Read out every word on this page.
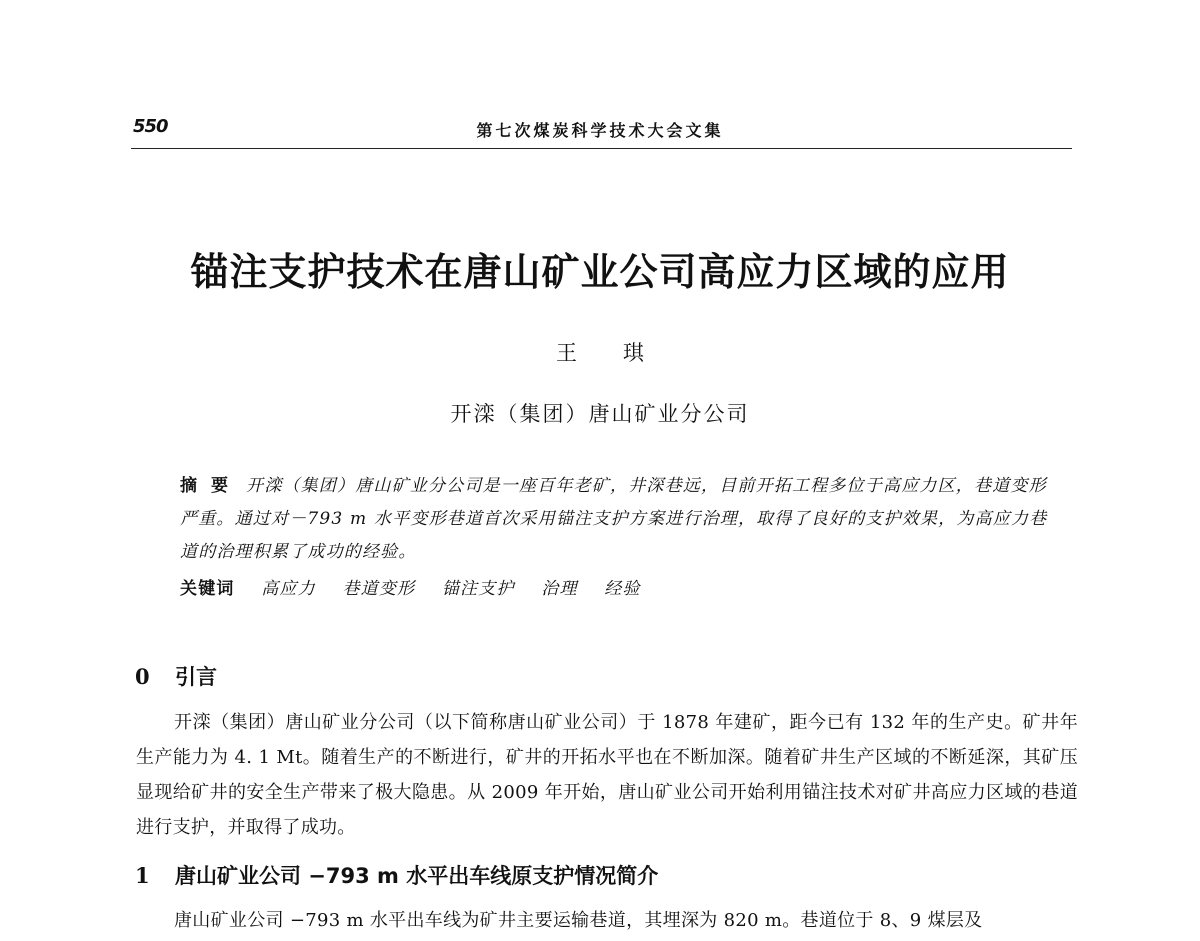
550	第七次煤炭科学技术大会文集
锚注支护技术在唐山矿业公司高应力区域的应用
王琪
开滦（集团）唐山矿业分公司
摘要 开滦（集团）唐山矿业分公司是一座百年老矿，井深巷远，目前开拓工程多位于高应力区，巷道变形严重。通过对－793 m 水平变形巷道首次采用锚注支护方案进行治理，取得了良好的支护效果，为高应力巷道的治理积累了成功的经验。
关键词 高应力 巷道变形 锚注支护 治理 经验
0 引言
开滦（集团）唐山矿业分公司（以下简称唐山矿业公司）于 1878 年建矿，距今已有 132 年的生产史。矿井年生产能力为 4. 1 Mt。随着生产的不断进行，矿井的开拓水平也在不断加深。随着矿井生产区域的不断延深，其矿压显现给矿井的安全生产带来了极大隐患。从 2009 年开始，唐山矿业公司开始利用锚注技术对矿井高应力区域的巷道进行支护，并取得了成功。
1 唐山矿业公司 −793 m 水平出车线原支护情况简介
唐山矿业公司 −793 m 水平出车线为矿井主要运输巷道，其埋深为 820 m。巷道位于 8、9 煤层及
